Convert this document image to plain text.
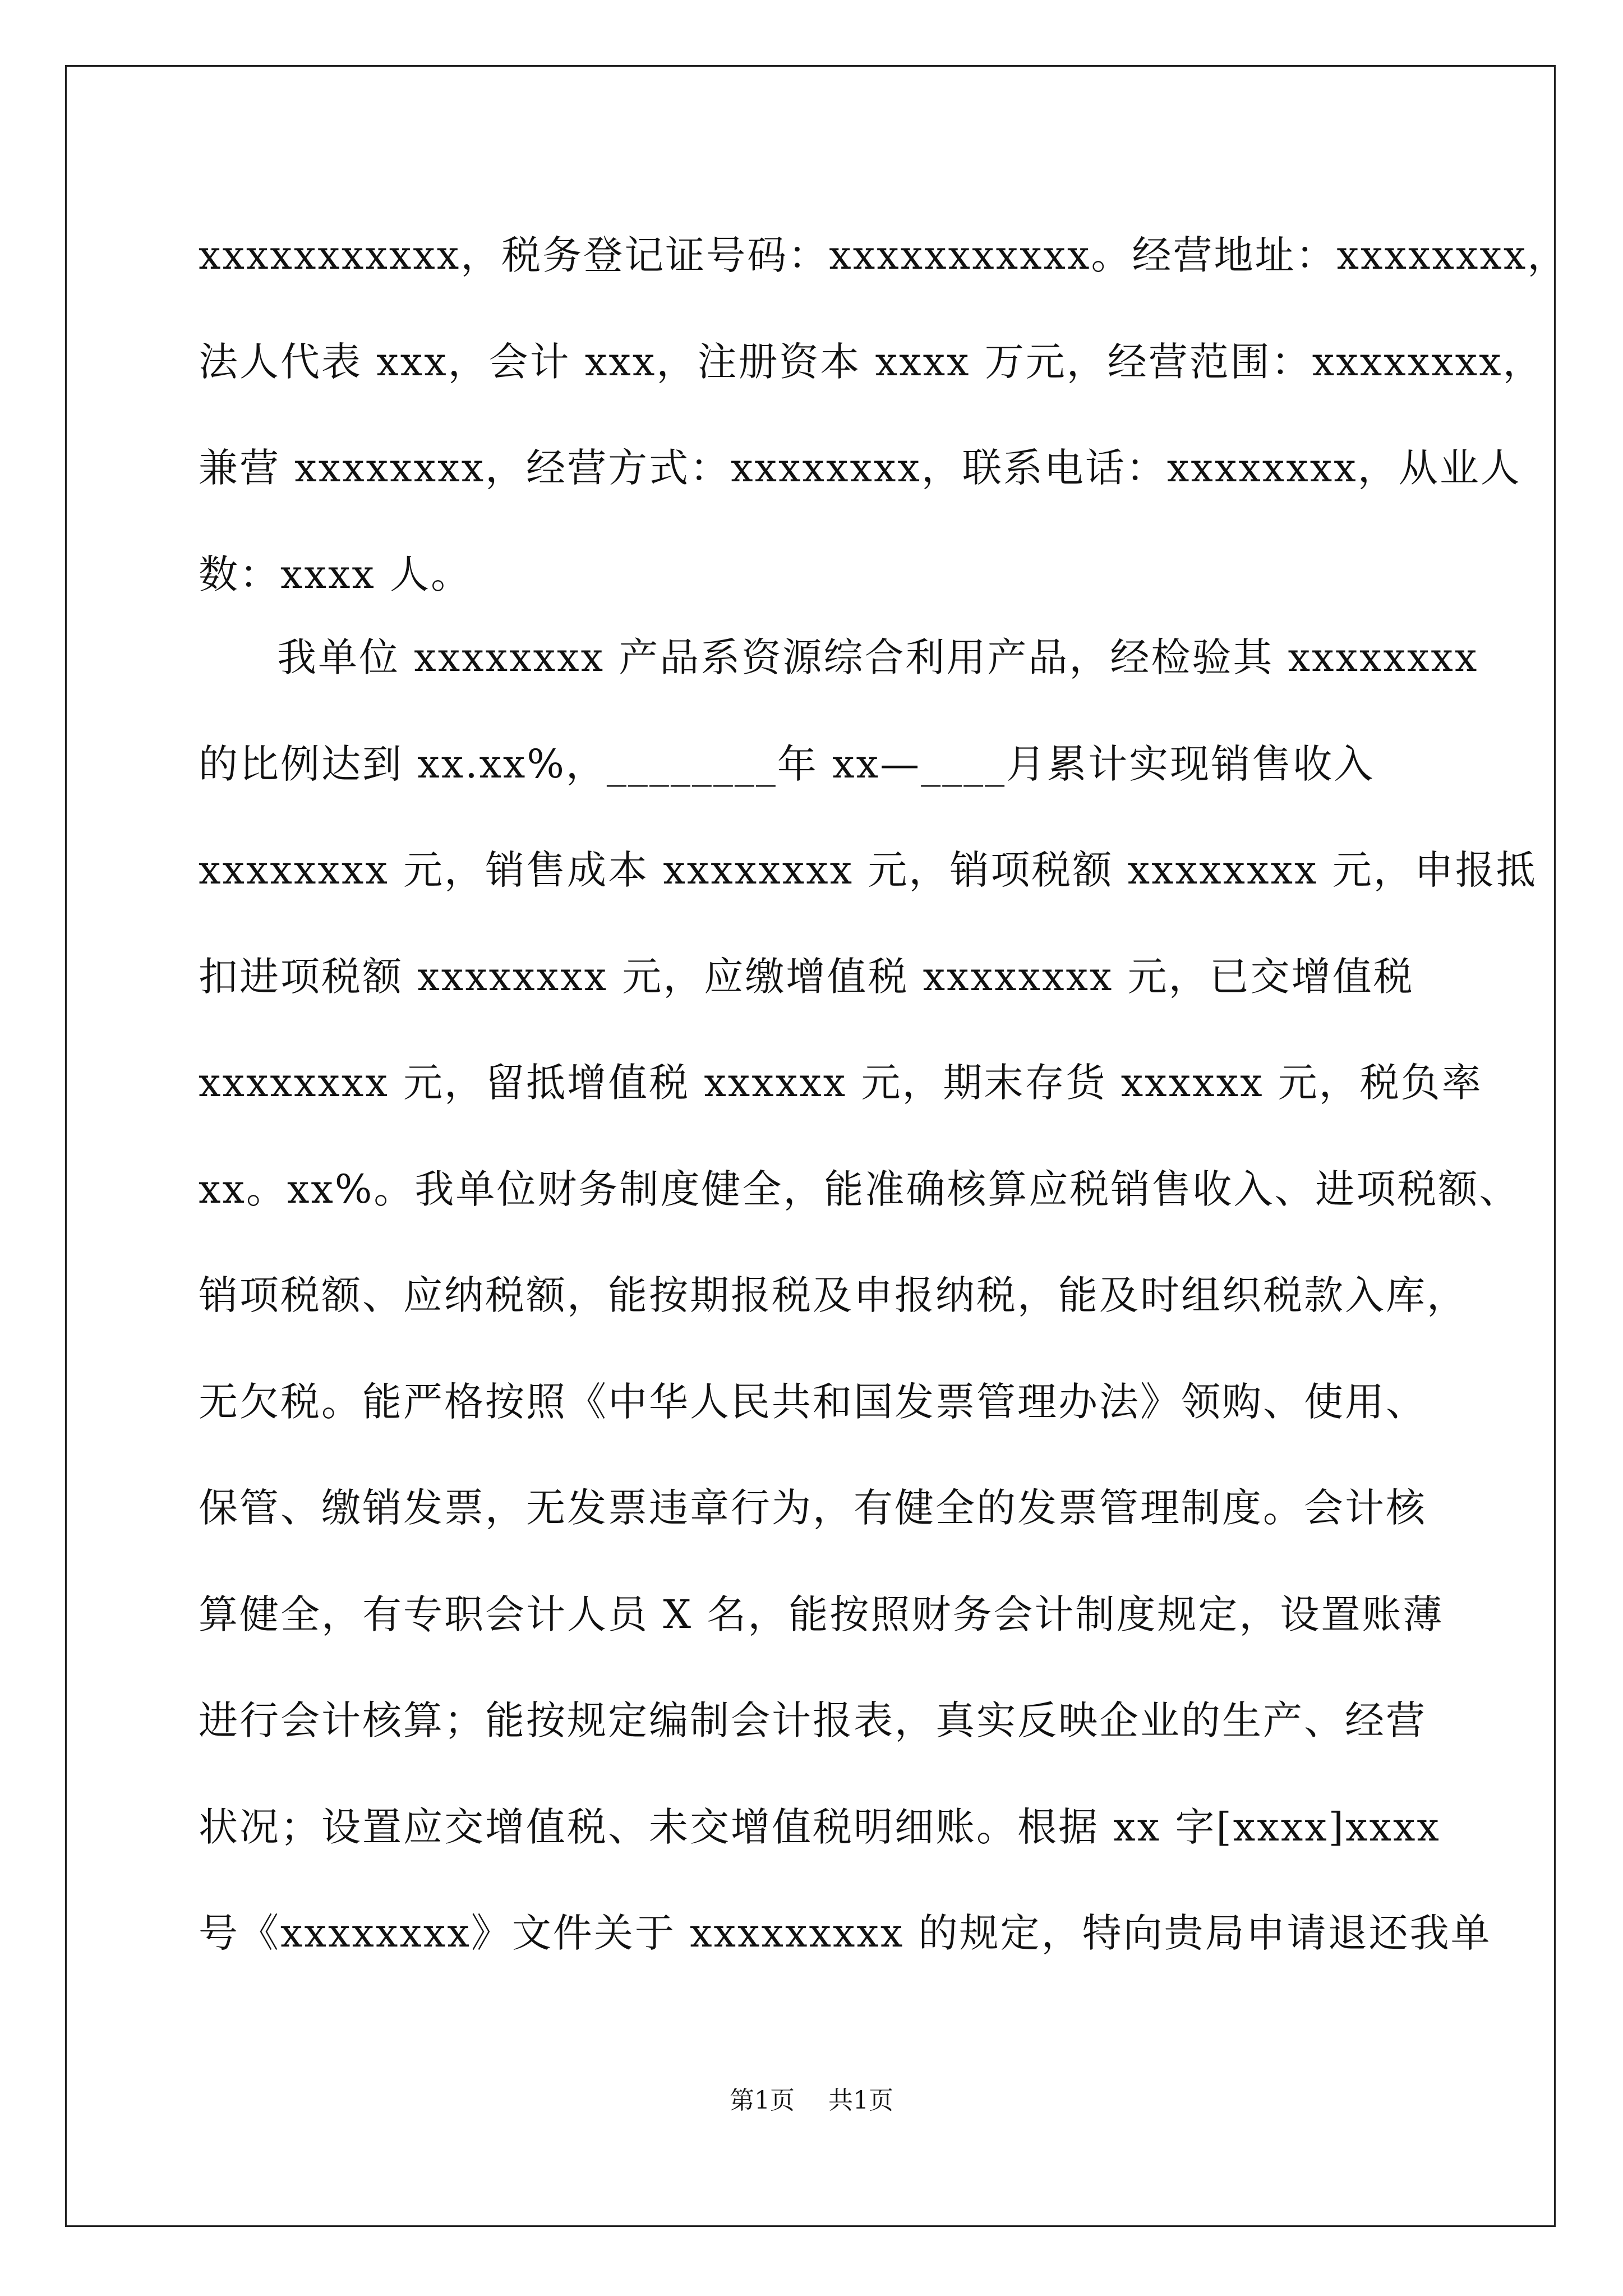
xxxxxxxxxxx，税务登记证号码：xxxxxxxxxxx。经营地址：xxxxxxxx，
法人代表 xxx，会计 xxx，注册资本 xxxx 万元，经营范围：xxxxxxxx，
兼营 xxxxxxxx，经营方式：xxxxxxxx，联系电话：xxxxxxxx，从业人
数：xxxx 人。
我单位 xxxxxxxx 产品系资源综合利用产品，经检验其 xxxxxxxx
的比例达到 xx.xx%，________年 xx—____月累计实现销售收入
xxxxxxxx 元，销售成本 xxxxxxxx 元，销项税额 xxxxxxxx 元，申报抵
扣进项税额 xxxxxxxx 元，应缴增值税 xxxxxxxx 元，已交增值税
xxxxxxxx 元，留抵增值税 xxxxxx 元，期末存货 xxxxxx 元，税负率
xx。xx%。我单位财务制度健全，能准确核算应税销售收入、进项税额、
销项税额、应纳税额，能按期报税及申报纳税，能及时组织税款入库，
无欠税。能严格按照《中华人民共和国发票管理办法》领购、使用、
保管、缴销发票，无发票违章行为，有健全的发票管理制度。会计核
算健全，有专职会计人员 X 名，能按照财务会计制度规定，设置账薄
进行会计核算；能按规定编制会计报表，真实反映企业的生产、经营
状况；设置应交增值税、未交增值税明细账。根据 xx 字[xxxx]xxxx
号《xxxxxxxx》文件关于 xxxxxxxxx 的规定，特向贵局申请退还我单
第1页 共1页
